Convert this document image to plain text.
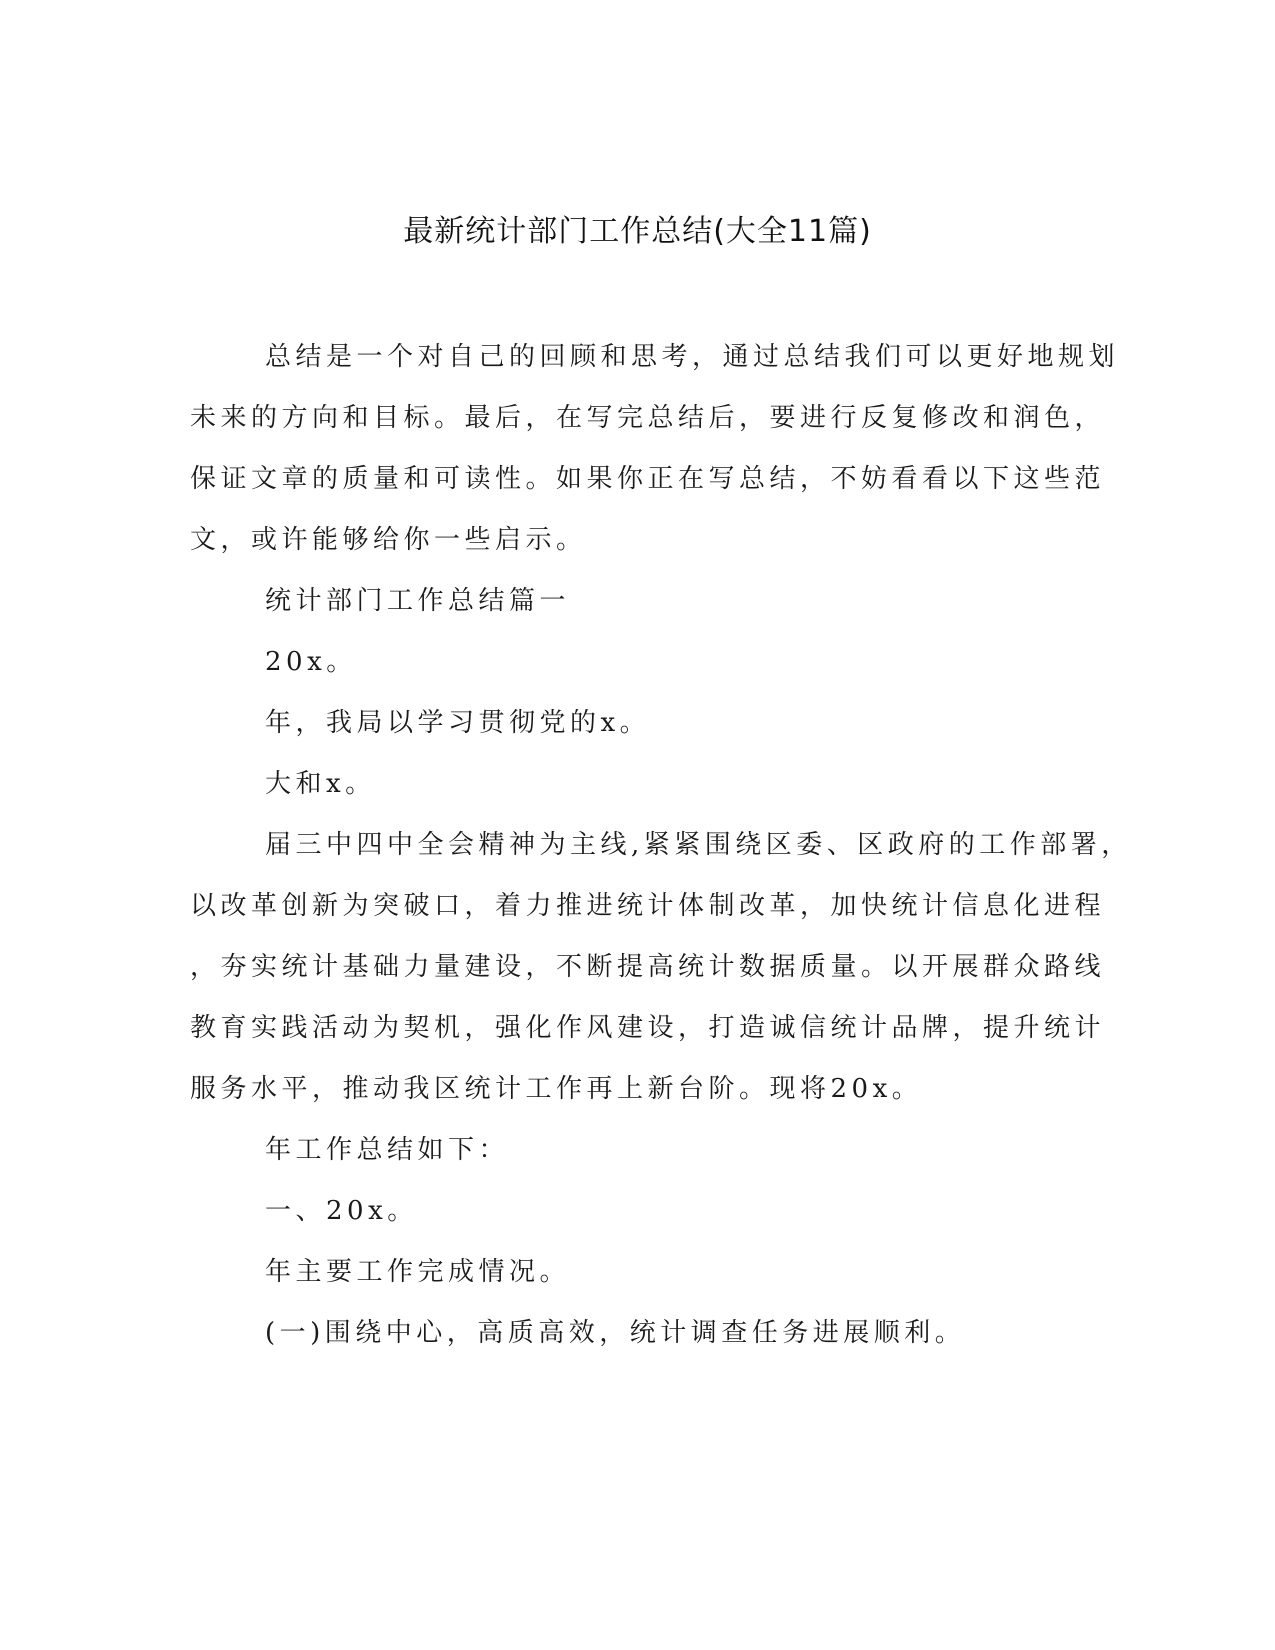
最新统计部门工作总结(大全11篇)

总结是一个对自己的回顾和思考，通过总结我们可以更好地规划
未来的方向和目标。最后，在写完总结后，要进行反复修改和润色，
保证文章的质量和可读性。如果你正在写总结，不妨看看以下这些范
文，或许能够给你一些启示。

统计部门工作总结篇一

20x。

年，我局以学习贯彻党的x。

大和x。

届三中四中全会精神为主线,紧紧围绕区委、区政府的工作部署，
以改革创新为突破口，着力推进统计体制改革，加快统计信息化进程
，夯实统计基础力量建设，不断提高统计数据质量。以开展群众路线
教育实践活动为契机，强化作风建设，打造诚信统计品牌，提升统计
服务水平，推动我区统计工作再上新台阶。现将20x。

年工作总结如下：

一、20x。

年主要工作完成情况。

(一)围绕中心，高质高效，统计调查任务进展顺利。
